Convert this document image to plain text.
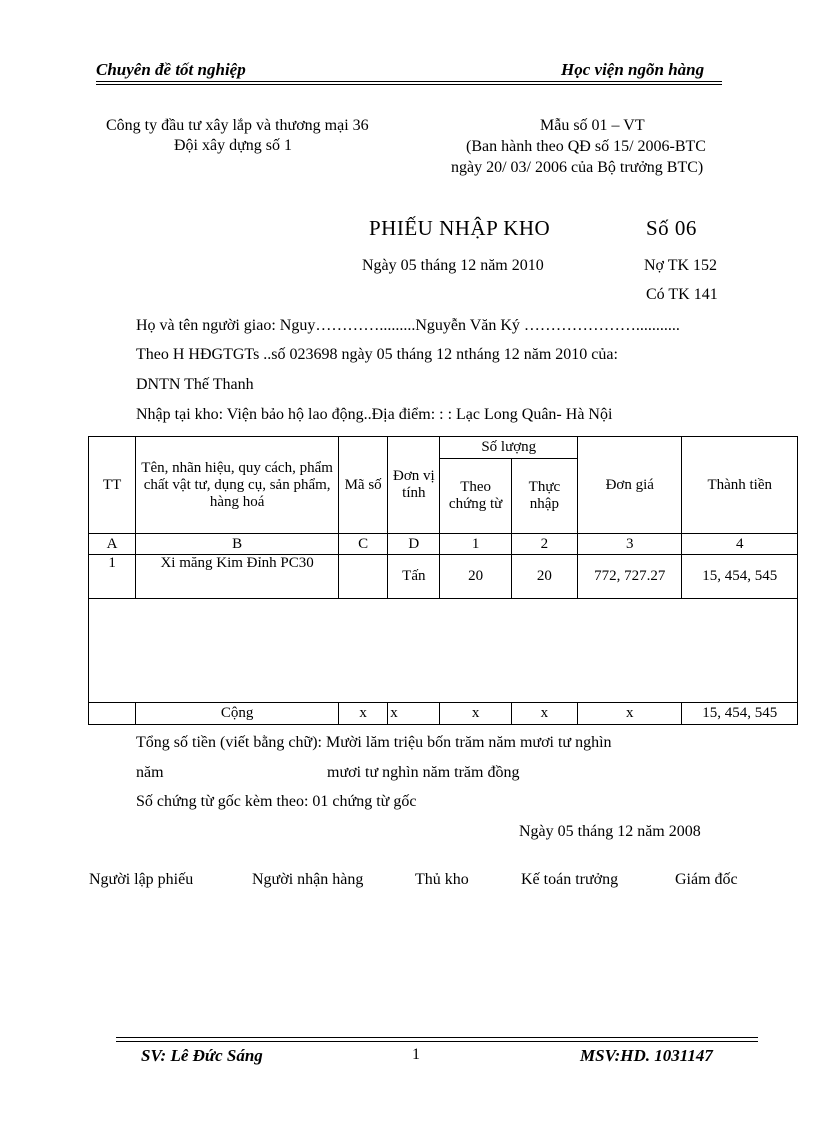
Chuyên đề tốt nghiệp	Học viện ngõn hàng
Công ty đầu tư xây lắp và thương mại 36
Đội xây dựng số 1
Mẫu số 01 – VT
(Ban hành theo QĐ số 15/ 2006-BTC
ngày 20/ 03/ 2006 của Bộ trưởng BTC)
PHIẾU NHẬP KHO	Số 06
Ngày 05 tháng 12 năm 2010	Nợ TK 152
Có TK 141
Họ và tên người giao: Nguy………….........Nguyễn Văn Ký …………………...........
Theo H HĐGTGTs ..số 023698 ngày 05 tháng 12 ntháng 12 năm 2010 của:
DNTN Thế Thanh
Nhập tại kho: Viện bảo hộ lao động..Địa điểm: : : Lạc Long Quân- Hà Nội
TT	Tên, nhãn hiệu, quy cách, phẩm chất vật tư, dụng cụ, sản phẩm, hàng hoá	Mã số	Đơn vị tính	Số lượng		Đơn giá	Thành tiền
				Theo chứng từ	Thực nhập		
A	B	C	D	1	2	3	4
1	Xi măng Kim Đỉnh PC30		Tấn	20	20	772, 727.27	15, 454, 545

	Cộng	x	x	x	x	x	15, 454, 545
Tổng số tiền (viết bằng chữ): Mười lăm triệu bốn trăm năm mươi tư nghìn
năm	mươi tư nghìn năm trăm đồng
Số chứng từ gốc kèm theo: 01 chứng từ gốc
Ngày 05 tháng 12 năm 2008
Người lập phiếu	Người nhận hàng	Thủ kho	Kế toán trưởng	Giám đốc
SV: Lê Đức Sáng	1	MSV:HD. 1031147
